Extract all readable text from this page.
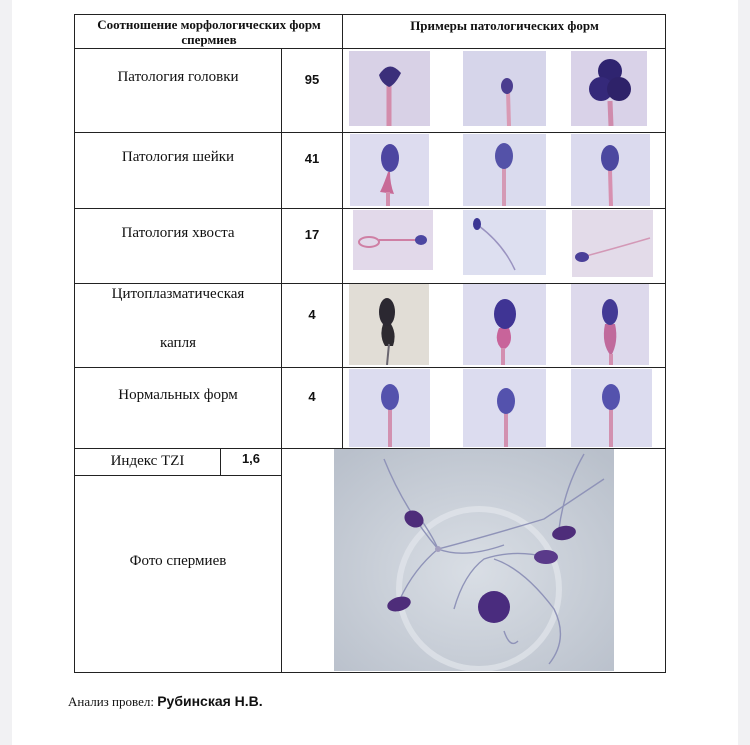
Соотношение морфологических форм спермиев
Примеры патологических форм
Патология головки
Патология шейки
Патология хвоста
Цитоплазматическая
капля
Нормальных форм
Индекс TZI
Фото спермиев
95
41
17
4
4
1,6
Анализ провел: Рубинская Н.В.
